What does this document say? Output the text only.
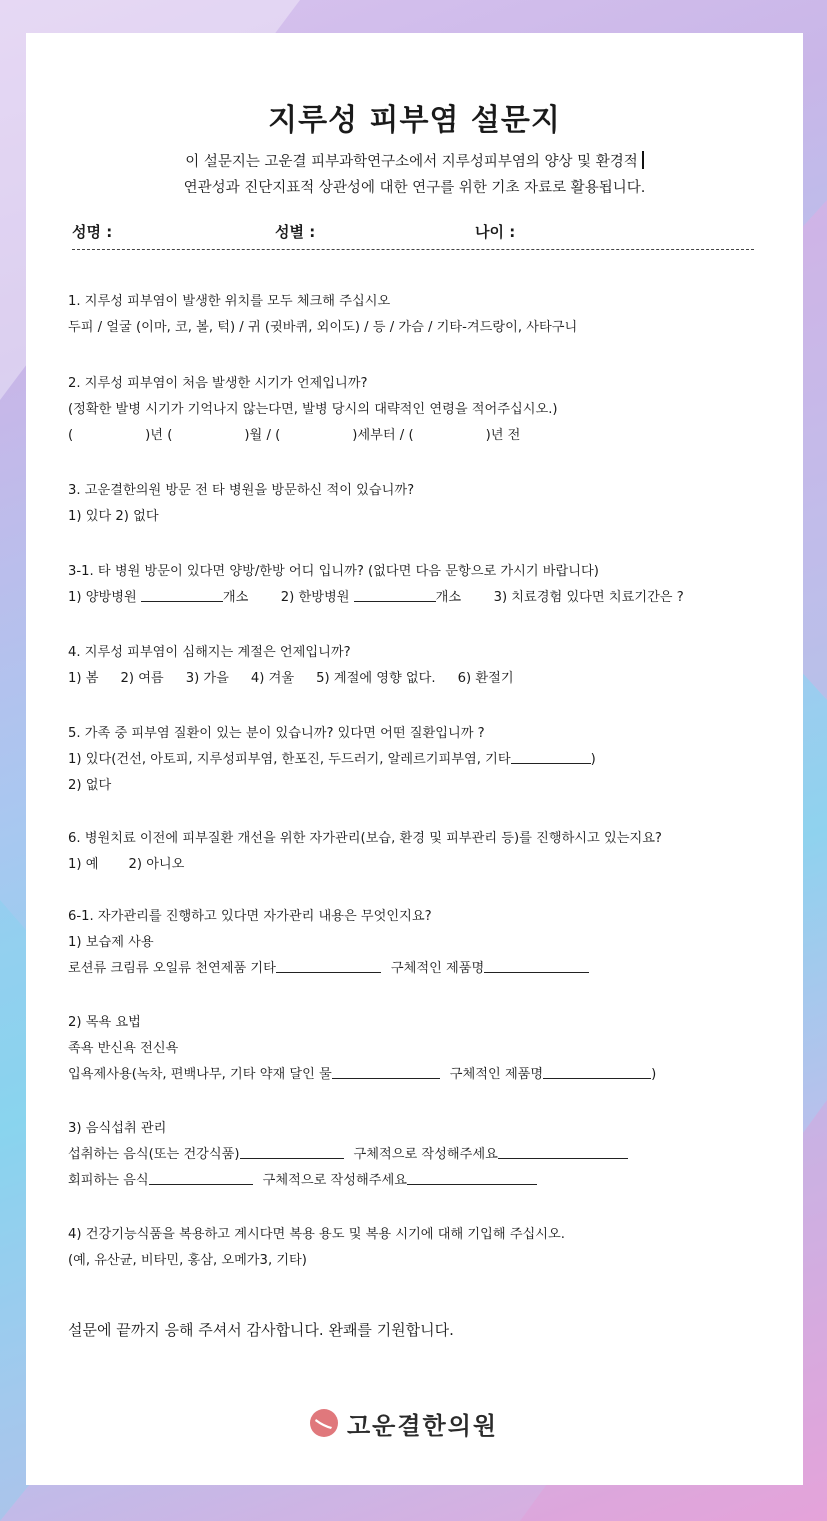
지루성 피부염 설문지
이 설문지는 고운결 피부과학연구소에서 지루성피부염의 양상 및 환경적
연관성과 진단지표적 상관성에 대한 연구를 위한 기초 자료로 활용됩니다.
성명 :	성별 :	나이 :
1. 지루성 피부염이 발생한 위치를 모두 체크해 주십시오
두피 / 얼굴 (이마, 코, 볼, 턱) / 귀 (귓바퀴, 외이도) / 등 / 가슴 / 기타-겨드랑이, 사타구니
2. 지루성 피부염이 처음 발생한 시기가 언제입니까?
(정확한 발병 시기가 기억나지 않는다면, 발병 당시의 대략적인 연령을 적어주십시오.)
(	)년 (	)월 / (	)세부터 / (	)년 전
3. 고운결한의원 방문 전 타 병원을 방문하신 적이 있습니까?
1) 있다 2) 없다
3-1. 타 병원 방문이 있다면 양방/한방 어디 입니까? (없다면 다음 문항으로 가시기 바랍니다)
1) 양방병원	개소 2) 한방병원	개소 3) 치료경험 있다면 치료기간은 ?
4. 지루성 피부염이 심해지는 계절은 언제입니까?
1) 봄 2) 여름 3) 가을 4) 겨울 5) 계절에 영향 없다. 6) 환절기
5. 가족 중 피부염 질환이 있는 분이 있습니까? 있다면 어떤 질환입니까 ?
1) 있다(건선, 아토피, 지루성피부염, 한포진, 두드러기, 알레르기피부염, 기타	)
2) 없다
6. 병원치료 이전에 피부질환 개선을 위한 자가관리(보습, 환경 및 피부관리 등)를 진행하시고 있는지요?
1) 예 2) 아니오
6-1. 자가관리를 진행하고 있다면 자가관리 내용은 무엇인지요?
1) 보습제 사용
로션류 크림류 오일류 천연제품 기타	구체적인 제품명
2) 목욕 요법
족욕 반신욕 전신욕
입욕제사용(녹차, 편백나무, 기타 약재 달인 물	구체적인 제품명	)
3) 음식섭취 관리
섭취하는 음식(또는 건강식품)	구체적으로 작성해주세요
회피하는 음식	구체적으로 작성해주세요
4) 건강기능식품을 복용하고 계시다면 복용 용도 및 복용 시기에 대해 기입해 주십시오.
(예, 유산균, 비타민, 홍삼, 오메가3, 기타)
설문에 끝까지 응해 주셔서 감사합니다. 완쾌를 기원합니다.
고운결한의원
